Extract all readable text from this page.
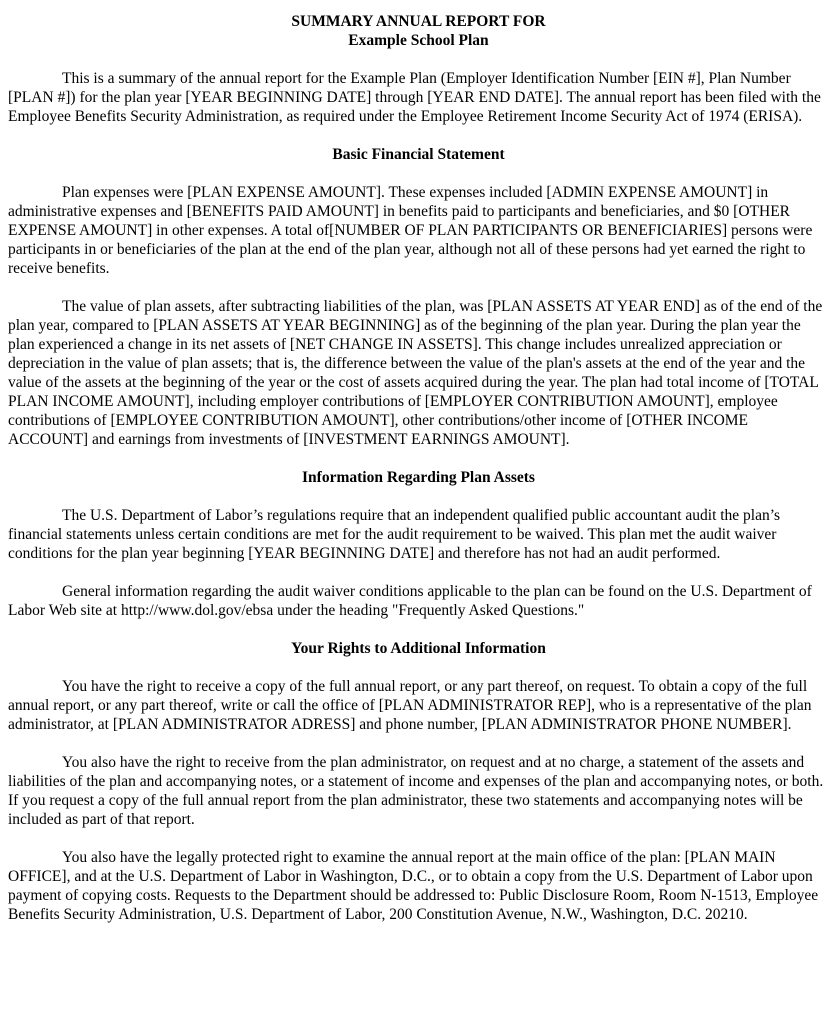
SUMMARY ANNUAL REPORT FOR
Example School Plan

This is a summary of the annual report for the Example Plan (Employer Identification Number [EIN #], Plan Number [PLAN #]) for the plan year [YEAR BEGINNING DATE] through [YEAR END DATE]. The annual report has been filed with the Employee Benefits Security Administration, as required under the Employee Retirement Income Security Act of 1974 (ERISA).

Basic Financial Statement

Plan expenses were [PLAN EXPENSE AMOUNT]. These expenses included [ADMIN EXPENSE AMOUNT] in administrative expenses and [BENEFITS PAID AMOUNT] in benefits paid to participants and beneficiaries, and $0 [OTHER EXPENSE AMOUNT] in other expenses. A total of[NUMBER OF PLAN PARTICIPANTS OR BENEFICIARIES] persons were participants in or beneficiaries of the plan at the end of the plan year, although not all of these persons had yet earned the right to receive benefits.

The value of plan assets, after subtracting liabilities of the plan, was [PLAN ASSETS AT YEAR END] as of the end of the plan year, compared to [PLAN ASSETS AT YEAR BEGINNING] as of the beginning of the plan year. During the plan year the plan experienced a change in its net assets of [NET CHANGE IN ASSETS]. This change includes unrealized appreciation or depreciation in the value of plan assets; that is, the difference between the value of the plan's assets at the end of the year and the value of the assets at the beginning of the year or the cost of assets acquired during the year. The plan had total income of [TOTAL PLAN INCOME AMOUNT], including employer contributions of [EMPLOYER CONTRIBUTION AMOUNT], employee contributions of [EMPLOYEE CONTRIBUTION AMOUNT], other contributions/other income of [OTHER INCOME ACCOUNT] and earnings from investments of [INVESTMENT EARNINGS AMOUNT].

Information Regarding Plan Assets

The U.S. Department of Labor’s regulations require that an independent qualified public accountant audit the plan’s financial statements unless certain conditions are met for the audit requirement to be waived. This plan met the audit waiver conditions for the plan year beginning [YEAR BEGINNING DATE] and therefore has not had an audit performed.

General information regarding the audit waiver conditions applicable to the plan can be found on the U.S. Department of Labor Web site at http://www.dol.gov/ebsa under the heading "Frequently Asked Questions."

Your Rights to Additional Information

You have the right to receive a copy of the full annual report, or any part thereof, on request. To obtain a copy of the full annual report, or any part thereof, write or call the office of [PLAN ADMINISTRATOR REP], who is a representative of the plan administrator, at [PLAN ADMINISTRATOR ADRESS] and phone number, [PLAN ADMINISTRATOR PHONE NUMBER].

You also have the right to receive from the plan administrator, on request and at no charge, a statement of the assets and liabilities of the plan and accompanying notes, or a statement of income and expenses of the plan and accompanying notes, or both. If you request a copy of the full annual report from the plan administrator, these two statements and accompanying notes will be included as part of that report.

You also have the legally protected right to examine the annual report at the main office of the plan: [PLAN MAIN OFFICE], and at the U.S. Department of Labor in Washington, D.C., or to obtain a copy from the U.S. Department of Labor upon payment of copying costs. Requests to the Department should be addressed to: Public Disclosure Room, Room N-1513, Employee Benefits Security Administration, U.S. Department of Labor, 200 Constitution Avenue, N.W., Washington, D.C. 20210.
